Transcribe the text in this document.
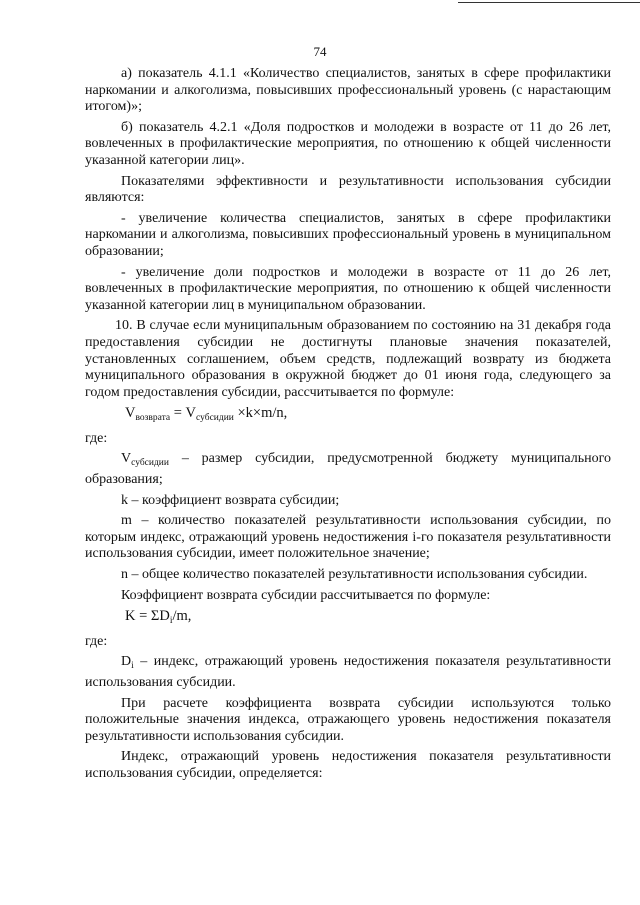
74

а) показатель 4.1.1 «Количество специалистов, занятых в сфере профилактики наркомании и алкоголизма, повысивших профессиональный уровень (с нарастающим итогом)»;

б) показатель 4.2.1 «Доля подростков и молодежи в возрасте от 11 до 26 лет, вовлеченных в профилактические мероприятия, по отношению к общей численности указанной категории лиц».

Показателями эффективности и результативности использования субсидии являются:

- увеличение количества специалистов, занятых в сфере профилактики наркомании и алкоголизма, повысивших профессиональный уровень в муниципальном образовании;

- увеличение доли подростков и молодежи в возрасте от 11 до 26 лет, вовлеченных в профилактические мероприятия, по отношению к общей численности указанной категории лиц в муниципальном образовании.

10. В случае если муниципальным образованием по состоянию на 31 декабря года предоставления субсидии не достигнуты плановые значения показателей, установленных соглашением, объем средств, подлежащий возврату из бюджета муниципального образования в окружной бюджет до 01 июня года, следующего за годом предоставления субсидии, рассчитывается по формуле:

$V_{возврата} = V_{субсидии} \times k\times m/n$,

где:

$V_{субсидии}$ – размер субсидии, предусмотренной бюджету муниципального образования;

k – коэффициент возврата субсидии;

m – количество показателей результативности использования субсидии, по которым индекс, отражающий уровень недостижения i-го показателя результативности использования субсидии, имеет положительное значение;

n – общее количество показателей результативности использования субсидии.

Коэффициент возврата субсидии рассчитывается по формуле:

$K = \Sigma D_i/m$,

где:

$D_i$ – индекс, отражающий уровень недостижения показателя результативности использования субсидии.

При расчете коэффициента возврата субсидии используются только положительные значения индекса, отражающего уровень недостижения показателя результативности использования субсидии.

Индекс, отражающий уровень недостижения показателя результативности использования субсидии, определяется:
